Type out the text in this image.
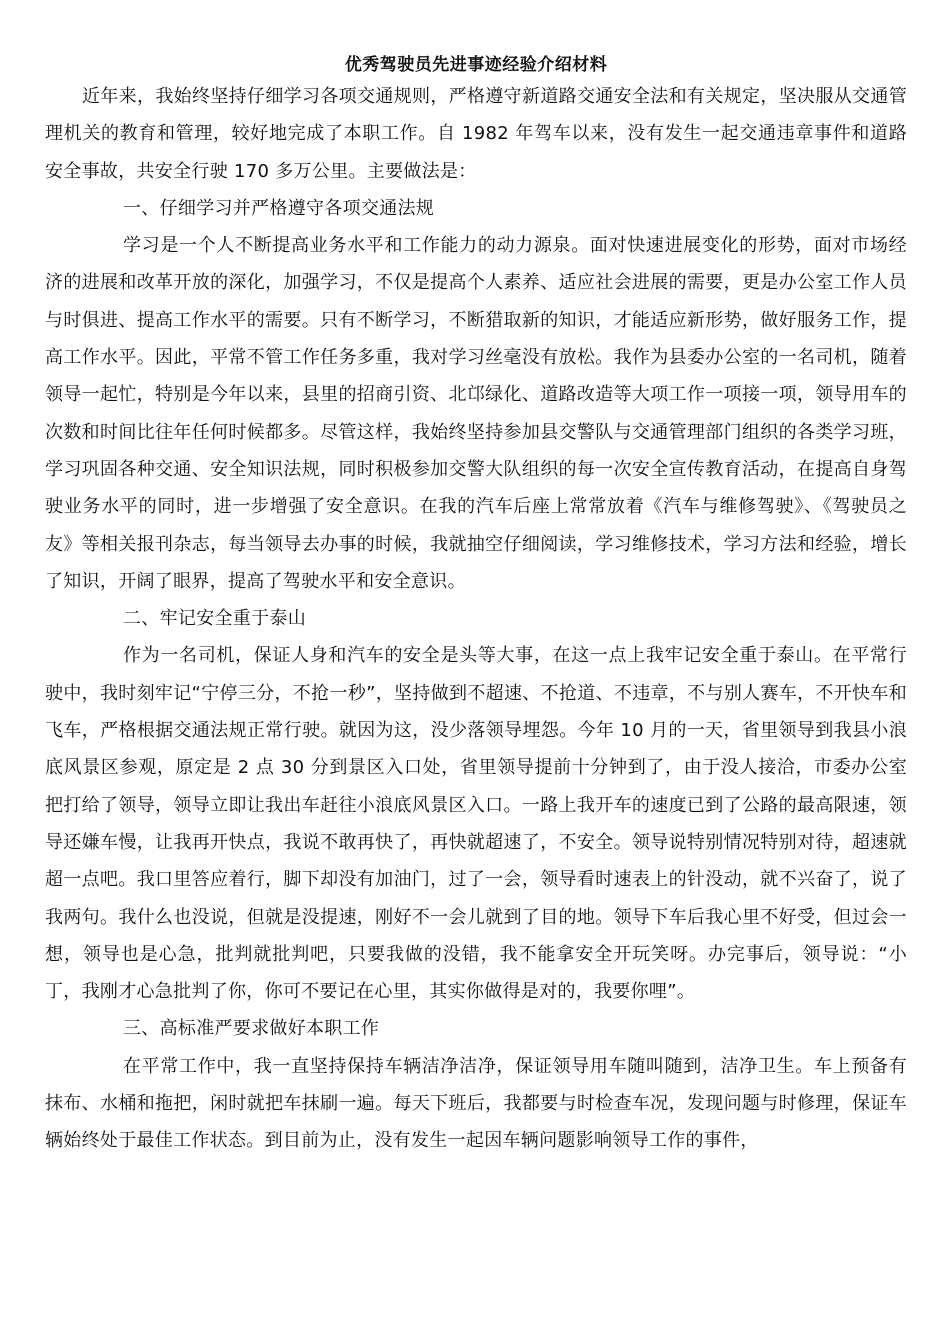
优秀驾驶员先进事迹经验介绍材料

近年来，我始终坚持仔细学习各项交通规则，严格遵守新道路交通安全法和有关规定，坚决服从交通管理机关的教育和管理，较好地完成了本职工作。自 1982 年驾车以来，没有发生一起交通违章事件和道路安全事故，共安全行驶 170 多万公里。主要做法是：

一、仔细学习并严格遵守各项交通法规

学习是一个人不断提高业务水平和工作能力的动力源泉。面对快速进展变化的形势，面对市场经济的进展和改革开放的深化，加强学习，不仅是提高个人素养、适应社会进展的需要，更是办公室工作人员与时俱进、提高工作水平的需要。只有不断学习，不断猎取新的知识，才能适应新形势，做好服务工作，提高工作水平。因此，平常不管工作任务多重，我对学习丝毫没有放松。我作为县委办公室的一名司机，随着领导一起忙，特别是今年以来，县里的招商引资、北邙绿化、道路改造等大项工作一项接一项，领导用车的次数和时间比往年任何时候都多。尽管这样，我始终坚持参加县交警队与交通管理部门组织的各类学习班，学习巩固各种交通、安全知识法规，同时积极参加交警大队组织的每一次安全宣传教育活动，在提高自身驾驶业务水平的同时，进一步增强了安全意识。在我的汽车后座上常常放着《汽车与维修驾驶》、《驾驶员之友》等相关报刊杂志，每当领导去办事的时候，我就抽空仔细阅读，学习维修技术，学习方法和经验，增长了知识，开阔了眼界，提高了驾驶水平和安全意识。

二、牢记安全重于泰山

作为一名司机，保证人身和汽车的安全是头等大事，在这一点上我牢记安全重于泰山。在平常行驶中，我时刻牢记“宁停三分，不抢一秒”，坚持做到不超速、不抢道、不违章，不与别人赛车，不开快车和飞车，严格根据交通法规正常行驶。就因为这，没少落领导埋怨。今年 10 月的一天，省里领导到我县小浪底风景区参观，原定是 2 点 30 分到景区入口处，省里领导提前十分钟到了，由于没人接洽，市委办公室把打给了领导，领导立即让我出车赶往小浪底风景区入口。一路上我开车的速度已到了公路的最高限速，领导还嫌车慢，让我再开快点，我说不敢再快了，再快就超速了，不安全。领导说特别情况特别对待，超速就超一点吧。我口里答应着行，脚下却没有加油门，过了一会，领导看时速表上的针没动，就不兴奋了，说了我两句。我什么也没说，但就是没提速，刚好不一会儿就到了目的地。领导下车后我心里不好受，但过会一想，领导也是心急，批判就批判吧，只要我做的没错，我不能拿安全开玩笑呀。办完事后，领导说：“小丁，我刚才心急批判了你，你可不要记在心里，其实你做得是对的，我要你哩”。

三、高标准严要求做好本职工作

在平常工作中，我一直坚持保持车辆洁净洁净，保证领导用车随叫随到，洁净卫生。车上预备有抹布、水桶和拖把，闲时就把车抹刷一遍。每天下班后，我都要与时检查车况，发现问题与时修理，保证车辆始终处于最佳工作状态。到目前为止，没有发生一起因车辆问题影响领导工作的事件，
